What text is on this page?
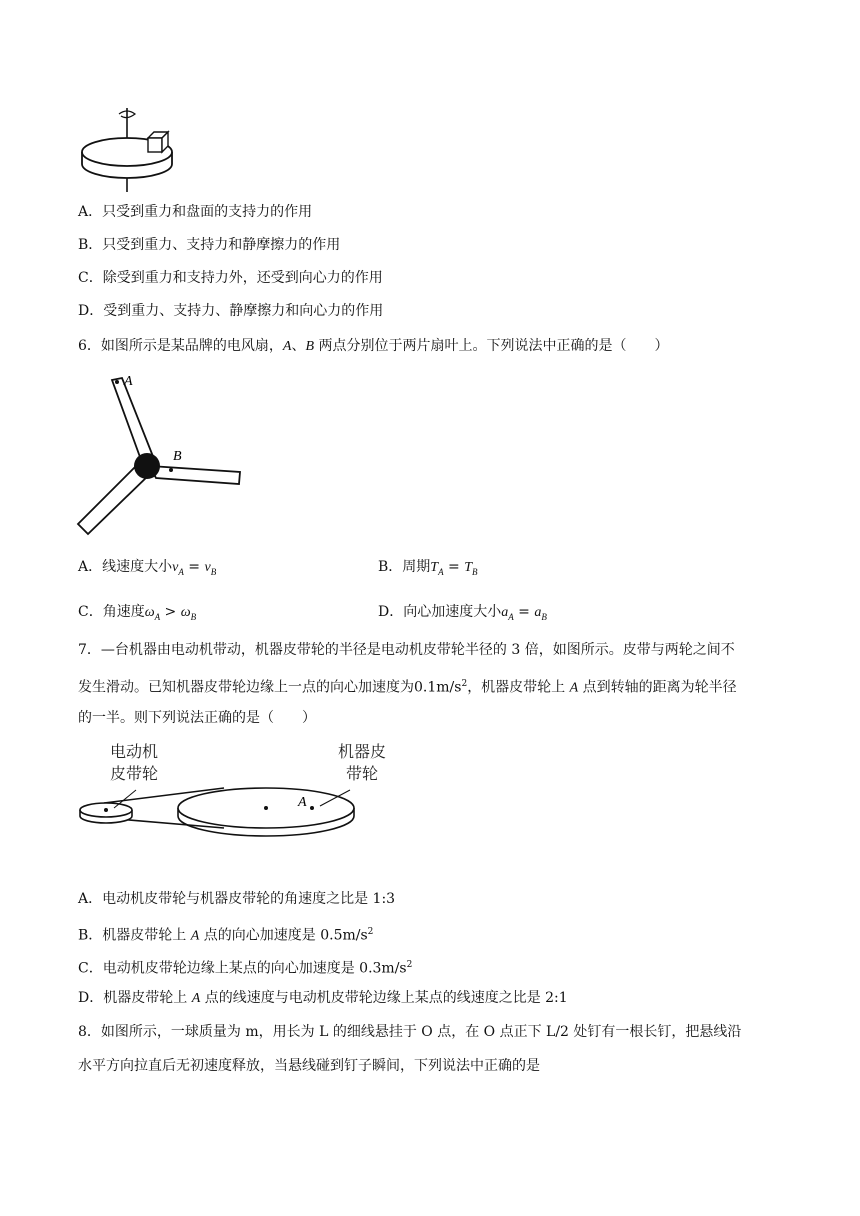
A．只受到重力和盘面的支持力的作用
B．只受到重力、支持力和静摩擦力的作用
C．除受到重力和支持力外，还受到向心力的作用
D．受到重力、支持力、静摩擦力和向心力的作用
6．如图所示是某品牌的电风扇，A、B 两点分别位于两片扇叶上。下列说法中正确的是（　　）
A
B
A．线速度大小$v_A = v_B$	B．周期$T_A = T_B$
C．角速度$\omega_A > \omega_B$	D．向心加速度大小$a_A = a_B$
7．—台机器由电动机带动，机器皮带轮的半径是电动机皮带轮半径的 3 倍，如图所示。皮带与两轮之间不
发生滑动。已知机器皮带轮边缘上一点的向心加速度为$0.1m/s^2$，机器皮带轮上 A 点到转轴的距离为轮半径
的一半。则下列说法正确的是（　　）
电动机
皮带轮
机器皮
带轮
A
A．电动机皮带轮与机器皮带轮的角速度之比是 1:3
B．机器皮带轮上 A 点的向心加速度是 $0.5m/s^2$
C．电动机皮带轮边缘上某点的向心加速度是 $0.3m/s^2$
D．机器皮带轮上 A 点的线速度与电动机皮带轮边缘上某点的线速度之比是 2:1
8．如图所示，一球质量为 m，用长为 L 的细线悬挂于 O 点，在 O 点正下 L/2 处钉有一根长钉，把悬线沿
水平方向拉直后无初速度释放，当悬线碰到钉子瞬间，下列说法中正确的是
